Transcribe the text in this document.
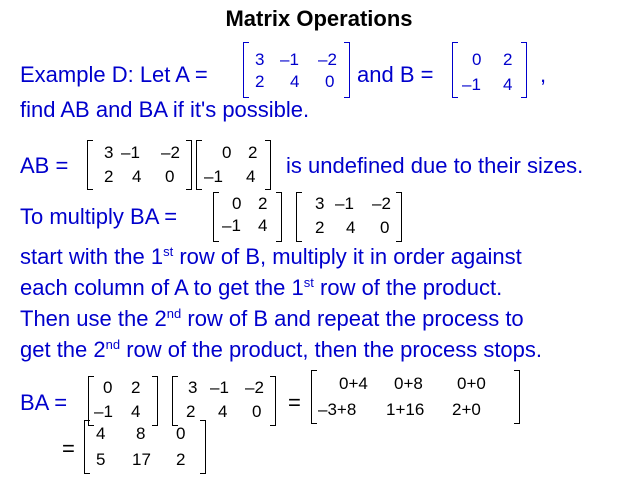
Matrix Operations
Example D: Let A =
3 –1 –2
2 4 0 and B =
0 2
–1 4 ,
find AB and BA if it's possible.
AB =
3 –1 –2
2 4 0
0 2
–1 4 is undefined due to their sizes.
To multiply BA =
0 2
–1 4
3 –1 –2
2 4 0
start with the 1st row of B, multiply it in order against
each column of A to get the 1st row of the product.
Then use the 2nd row of B and repeat the process to
get the 2nd row of the product, then the process stops.
BA =
0 2
–1 4
3 –1 –2
2 4 0 =
0+4 0+8 0+0
–3+8 1+16 2+0
=
4 8 0
5 17 2
